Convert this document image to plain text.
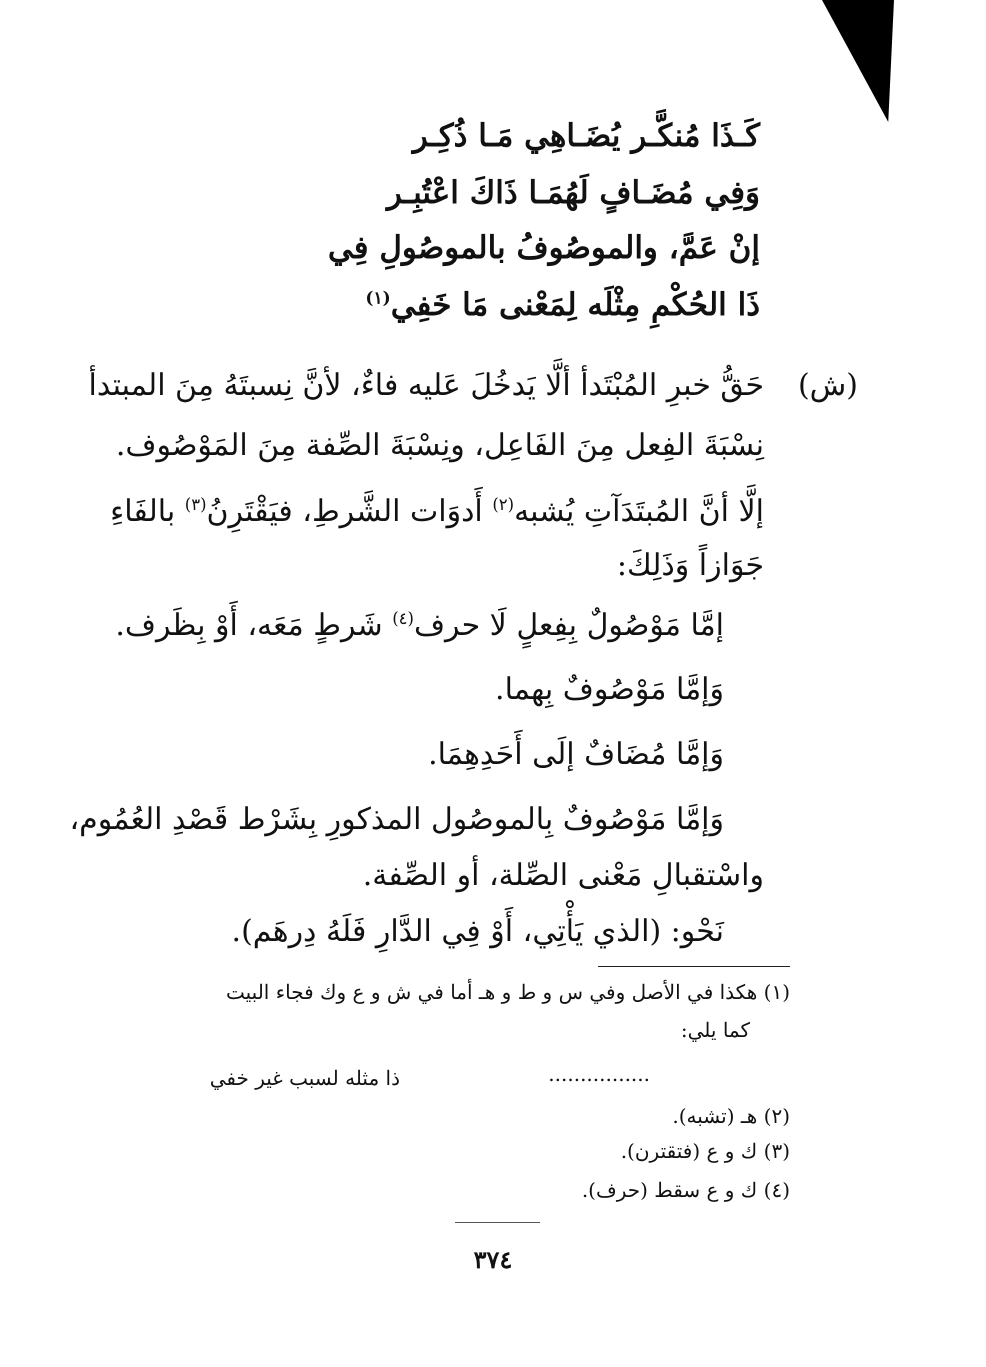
كَـذَا مُنكَّـر يُضَـاهِي مَـا ذُكِـر

وَفِي مُضَـافٍ لَهُمَـا ذَاكَ اعْتُبِـر

إنْ عَمَّ، والموصُوفُ بالموصُولِ فِي

ذَا الحُكْمِ مِثْلَه لِمَعْنى مَا خَفِي$^{(١)}$

(ش)

حَقُّ خبرِ المُبْتَدأ ألَّا يَدخُلَ عَليه فاءٌ، لأنَّ نِسبتَهُ مِنَ المبتدأ

نِسْبَةَ الفِعل مِنَ الفَاعِل، ونِسْبَةَ الصِّفة مِنَ المَوْصُوف.

إلَّا أنَّ المُبتَدَآتِ يُشبه$^{(٢)}$ أَدوَات الشَّرطِ، فيَقْتَرِنُ$^{(٣)}$ بالفَاءِ

جَوَازاً وَذَلِكَ:

إمَّا مَوْصُولٌ بِفِعلٍ لَا حرف$^{(٤)}$ شَرطٍ مَعَه، أَوْ بِظَرف.

وَإمَّا مَوْصُوفٌ بِهما.

وَإمَّا مُضَافٌ إلَى أَحَدِهِمَا.

وَإمَّا مَوْصُوفٌ بِالموصُول المذكورِ بِشَرْط قَصْدِ العُمُوم،

واسْتقبالِ مَعْنى الصِّلة، أو الصِّفة.

نَحْو: (الذي يَأْتِي، أَوْ فِي الدَّارِ فَلَهُ دِرهَم).

(١) هكذا في الأصل وفي س و ط و هـ أما في ش و ع وك فجاء البيت

كما يلي:

ذا مثله لسبب غير خفي	................

(٢) هـ (تشبه).

(٣) ك و ع (فتقترن).

(٤) ك و ع سقط (حرف).

٣٧٤
